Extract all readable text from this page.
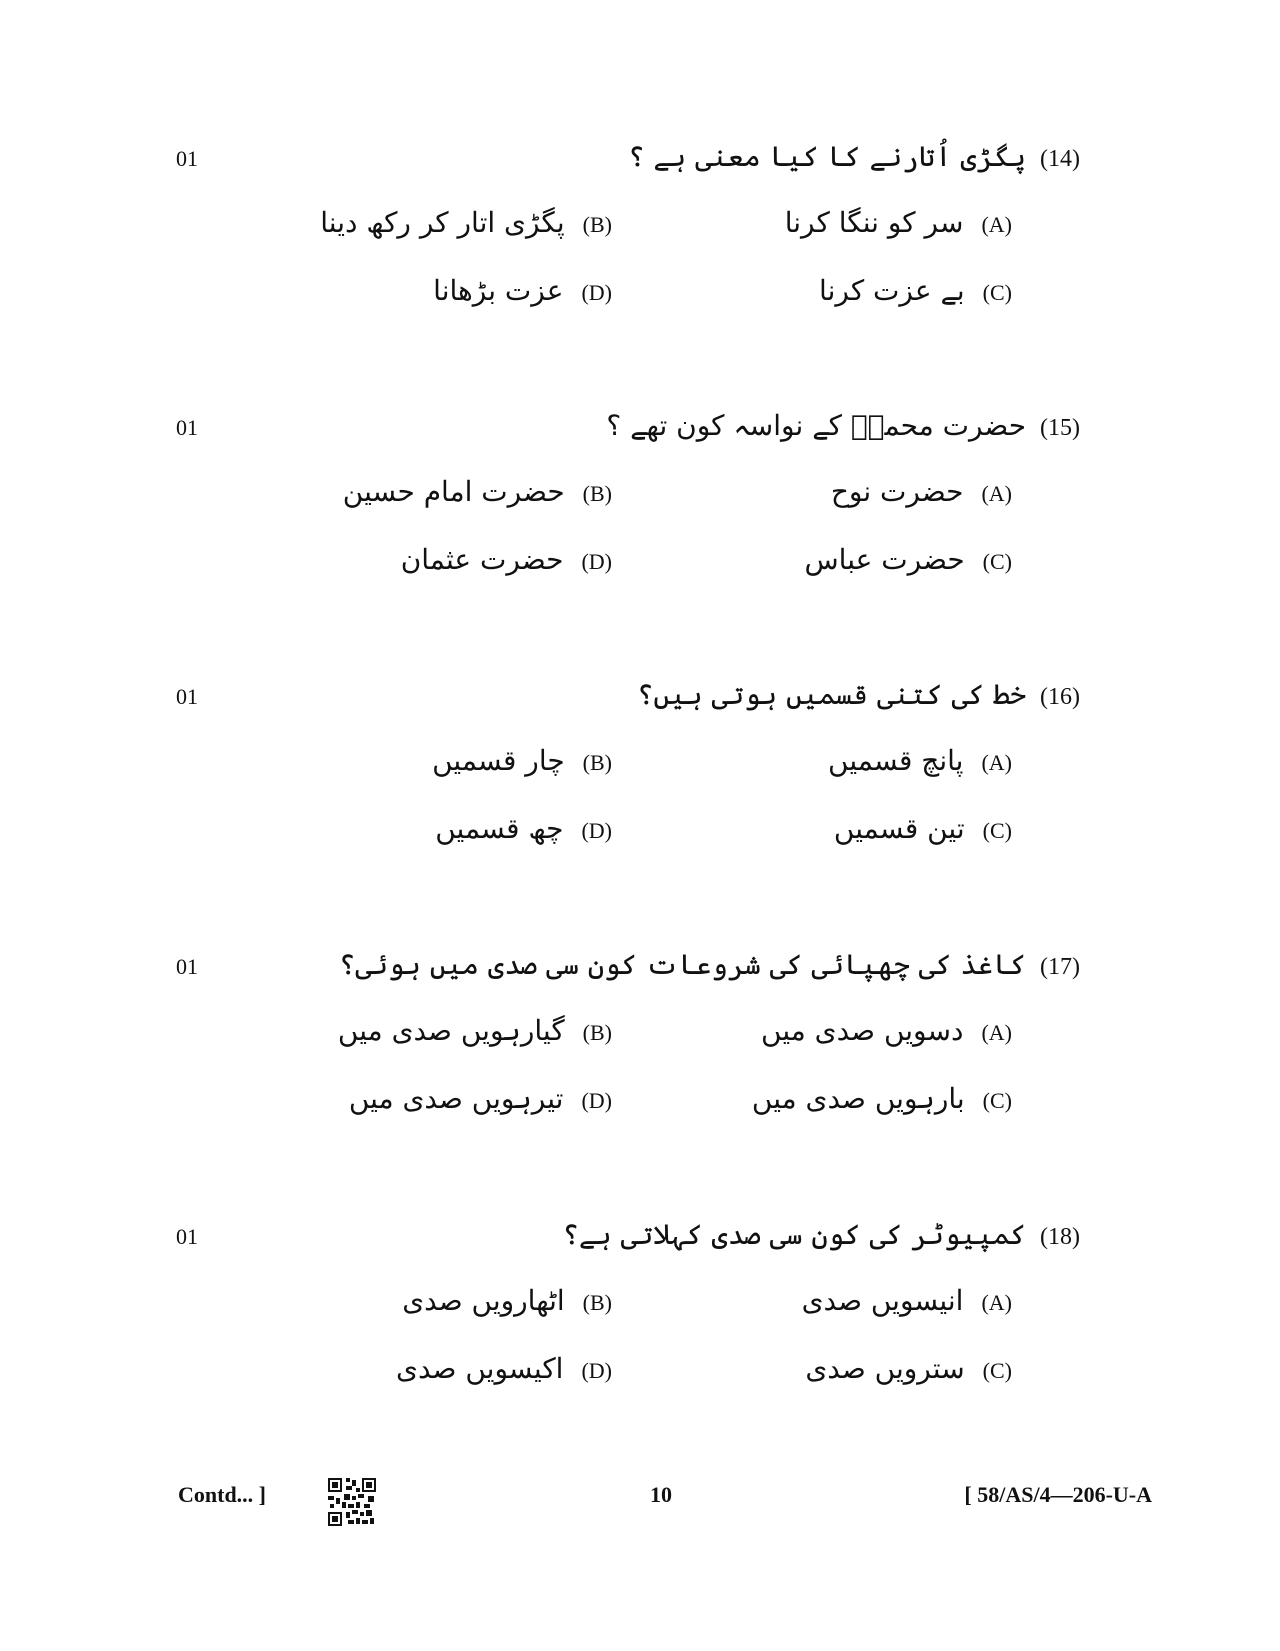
01	(14)
پگڑی اُتارنے کا کیا معنی ہے ؟
(A)
سر کو ننگا کرنا
(B)
پگڑی اتار کر رکھ دینا
(C)
بے عزت کرنا
(D)
عزت بڑھانا
01	(15)
حضرت محمدؐ کے نواسہ کون تھے ؟
(A)
حضرت نوح
(B)
حضرت امام حسین
(C)
حضرت عباس
(D)
حضرت عثمان
01	(16)
خط کی کتنی قسمیں ہوتی ہیں؟
(A)
پانچ قسمیں
(B)
چار قسمیں
(C)
تین قسمیں
(D)
چھ قسمیں
01	(17)
کاغذ کی چھپائی کی شروعات کون سی صدی میں ہوئی؟
(A)
دسویں صدی میں
(B)
گیارہویں صدی میں
(C)
بارہویں صدی میں
(D)
تیرہویں صدی میں
01	(18)
کمپیوٹر کی کون سی صدی کہلاتی ہے؟
(A)
انیسویں صدی
(B)
اٹھارویں صدی
(C)
سترویں صدی
(D)
اکیسویں صدی
Contd... ]	10	[ 58/AS/4—206-U-A
